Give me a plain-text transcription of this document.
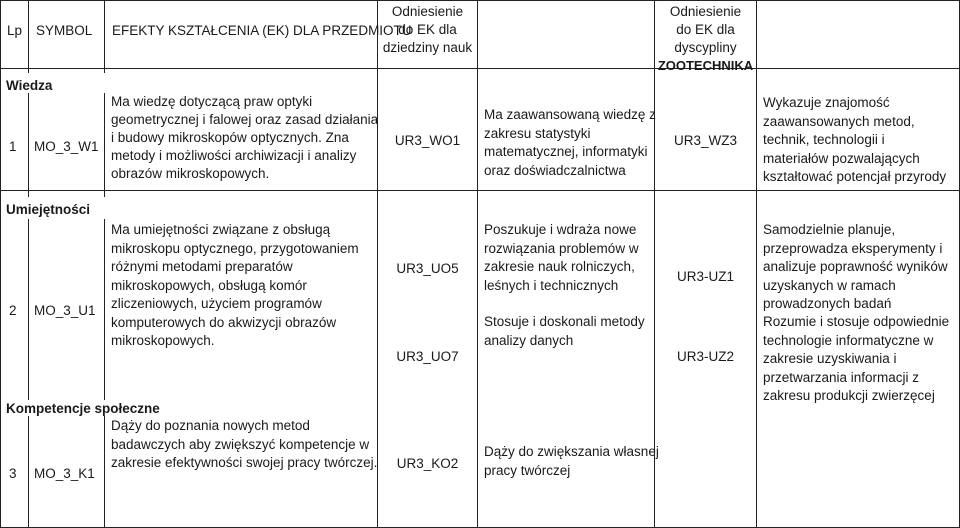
Lp SYMBOL EFEKTY KSZTAŁCENIA (EK) DLA PRZEDMIOTU
Odniesienie
do EK dla
dziedziny nauk
Odniesienie
do EK dla
dyscypliny
ZOOTECHNIKA
Wiedza
Umiejętności
Kompetencje społeczne
1 MO_3_W1
Ma wiedzę dotyczącą praw optyki
geometrycznej i falowej oraz zasad działania
i budowy mikroskopów optycznych. Zna
metody i możliwości archiwizacji i analizy
obrazów mikroskopowych.
UR3_WO1
Ma zaawansowaną wiedzę z
zakresu statystyki
matematycznej, informatyki
oraz doświadczalnictwa
UR3_WZ3
Wykazuje znajomość
zaawansowanych metod,
technik, technologii i
materiałów pozwalających
kształtować potencjał przyrody
2 MO_3_U1
Ma umiejętności związane z obsługą
mikroskopu optycznego, przygotowaniem
różnymi metodami preparatów
mikroskopowych, obsługą komór
zliczeniowych, użyciem programów
komputerowych do akwizycji obrazów
mikroskopowych.
UR3_UO5
UR3_UO7
Poszukuje i wdraża nowe
rozwiązania problemów w
zakresie nauk rolniczych,
leśnych i technicznych
Stosuje i doskonali metody
analizy danych
UR3-UZ1
UR3-UZ2
Samodzielnie planuje,
przeprowadza eksperymenty i
analizuje poprawność wyników
uzyskanych w ramach
prowadzonych badań
Rozumie i stosuje odpowiednie
technologie informatyczne w
zakresie uzyskiwania i
przetwarzania informacji z
zakresu produkcji zwierzęcej
3 MO_3_K1
Dąży do poznania nowych metod
badawczych aby zwiększyć kompetencje w
zakresie efektywności swojej pracy twórczej.	UR3_KO2
Dąży do zwiększania własnej
pracy twórczej
